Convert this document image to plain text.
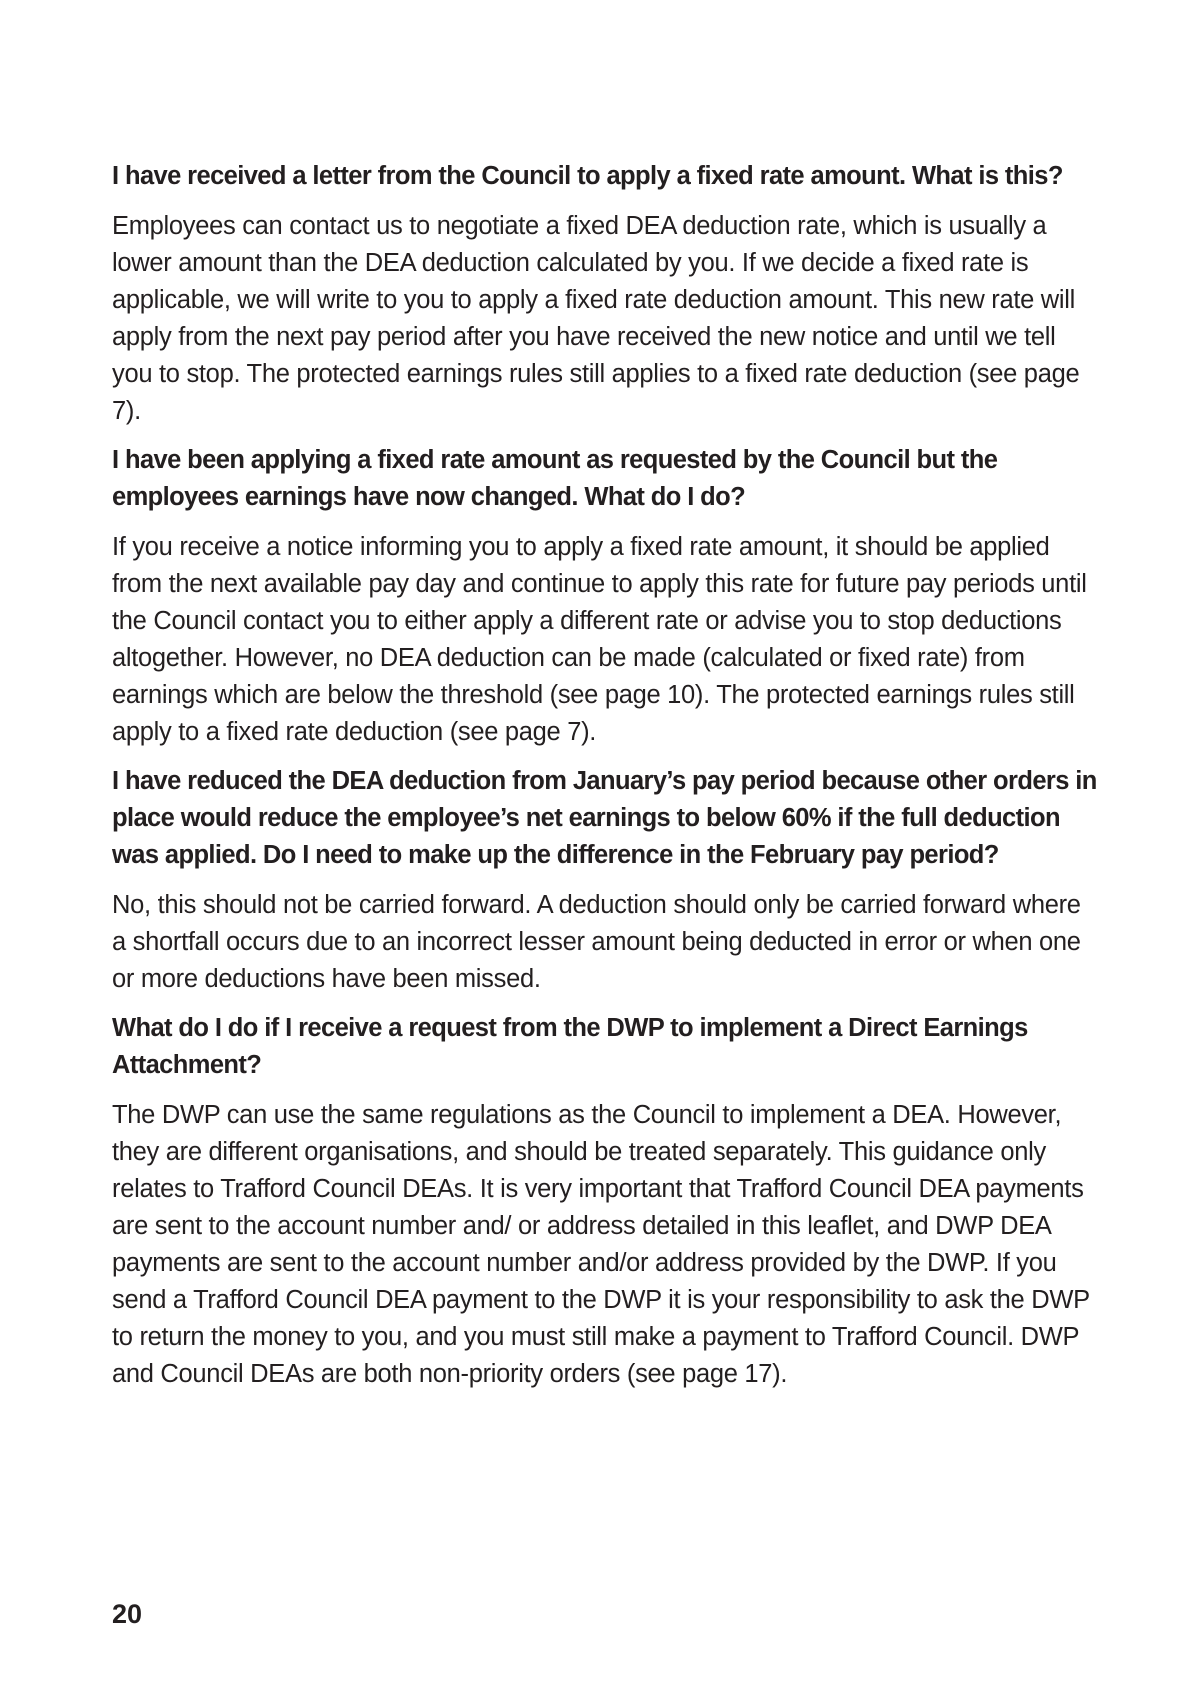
I have received a letter from the Council to apply a fixed rate amount. What is this?

Employees can contact us to negotiate a fixed DEA deduction rate, which is usually a lower amount than the DEA deduction calculated by you. If we decide a fixed rate is applicable, we will write to you to apply a fixed rate deduction amount. This new rate will apply from the next pay period after you have received the new notice and until we tell you to stop. The protected earnings rules still applies to a fixed rate deduction (see page 7).

I have been applying a fixed rate amount as requested by the Council but the employees earnings have now changed. What do I do?

If you receive a notice informing you to apply a fixed rate amount, it should be applied from the next available pay day and continue to apply this rate for future pay periods until the Council contact you to either apply a different rate or advise you to stop deductions altogether. However, no DEA deduction can be made (calculated or fixed rate) from earnings which are below the threshold (see page 10). The protected earnings rules still apply to a fixed rate deduction (see page 7).

I have reduced the DEA deduction from January’s pay period because other orders in place would reduce the employee’s net earnings to below 60% if the full deduction was applied. Do I need to make up the difference in the February pay period?

No, this should not be carried forward. A deduction should only be carried forward where a shortfall occurs due to an incorrect lesser amount being deducted in error or when one or more deductions have been missed.

What do I do if I receive a request from the DWP to implement a Direct Earnings Attachment?

The DWP can use the same regulations as the Council to implement a DEA. However, they are different organisations, and should be treated separately. This guidance only relates to Trafford Council DEAs. It is very important that Trafford Council DEA payments are sent to the account number and/ or address detailed in this leaflet, and DWP DEA payments are sent to the account number and/or address provided by the DWP. If you send a Trafford Council DEA payment to the DWP it is your responsibility to ask the DWP to return the money to you, and you must still make a payment to Trafford Council. DWP and Council DEAs are both non-priority orders (see page 17).

20
